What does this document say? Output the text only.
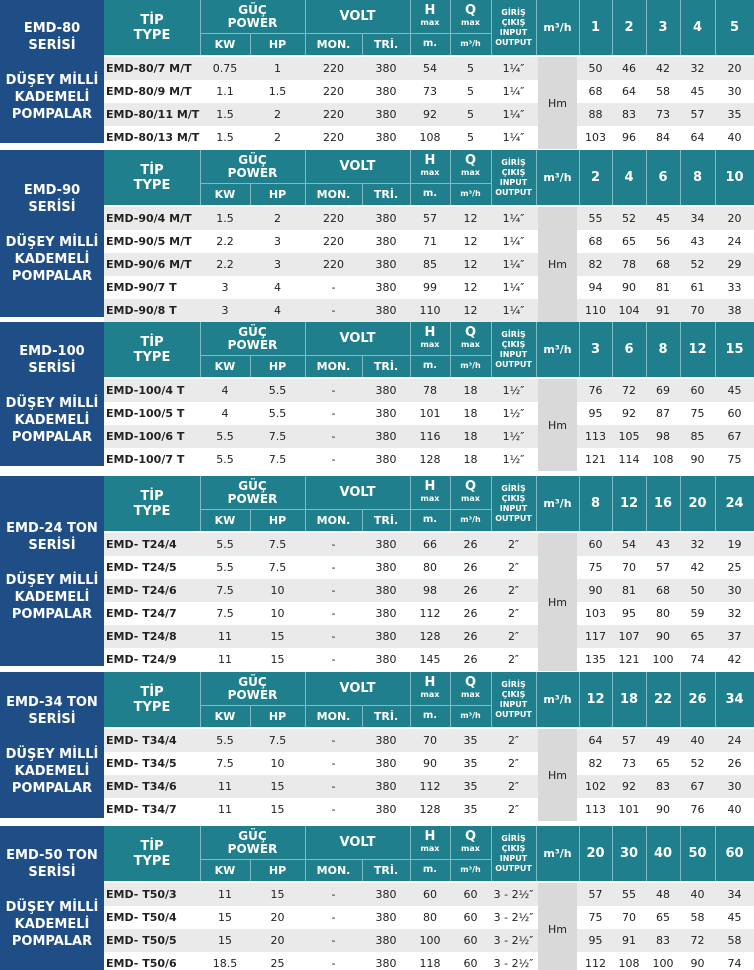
EMD-80
SERİSİ
DÜŞEY MİLLİ
KADEMELİ
POMPALAR
TİP
TYPE
GÜÇ
POWER
KW	HP
VOLT
MON.	TRİ.
H
max
m.
Q
max
m³/h
GİRİŞ
ÇIKIŞ
INPUT
OUTPUT
m³/h	1	2	3	4	5
EMD-80/7 M/T	0.75	1	220	380	54	5	1¼″	50	46	42	32	20
EMD-80/9 M/T	1.1	1.5	220	380	73	5	1¼″	68	64	58	45	30
EMD-80/11 M/T	1.5	2	220	380	92	5	1¼″	88	83	73	57	35
EMD-80/13 M/T	1.5	2	220	380	108	5	1¼″	103	96	84	64	40
Hm
EMD-90
SERİSİ
DÜŞEY MİLLİ
KADEMELİ
POMPALAR
TİP
TYPE
GÜÇ
POWER
KW	HP
VOLT
MON.	TRİ.
H
max
m.
Q
max
m³/h
GİRİŞ
ÇIKIŞ
INPUT
OUTPUT
m³/h	2	4	6	8	10
EMD-90/4 M/T	1.5	2	220	380	57	12	1¼″	55	52	45	34	20
EMD-90/5 M/T	2.2	3	220	380	71	12	1¼″	68	65	56	43	24
EMD-90/6 M/T	2.2	3	220	380	85	12	1¼″	82	78	68	52	29
EMD-90/7 T	3	4	-	380	99	12	1¼″	94	90	81	61	33
EMD-90/8 T	3	4	-	380	110	12	1¼″	110	104	91	70	38
Hm
EMD-100
SERİSİ
DÜŞEY MİLLİ
KADEMELİ
POMPALAR
TİP
TYPE
GÜÇ
POWER
KW	HP
VOLT
MON.	TRİ.
H
max
m.
Q
max
m³/h
GİRİŞ
ÇIKIŞ
INPUT
OUTPUT
m³/h	3	6	8	12	15
EMD-100/4 T	4	5.5	-	380	78	18	1½″	76	72	69	60	45
EMD-100/5 T	4	5.5	-	380	101	18	1½″	95	92	87	75	60
EMD-100/6 T	5.5	7.5	-	380	116	18	1½″	113	105	98	85	67
EMD-100/7 T	5.5	7.5	-	380	128	18	1½″	121	114	108	90	75
Hm
EMD-24 TON
SERİSİ
DÜŞEY MİLLİ
KADEMELİ
POMPALAR
TİP
TYPE
GÜÇ
POWER
KW	HP
VOLT
MON.	TRİ.
H
max
m.
Q
max
m³/h
GİRİŞ
ÇIKIŞ
INPUT
OUTPUT
m³/h	8	12	16	20	24
EMD- T24/4	5.5	7.5	-	380	66	26	2″	60	54	43	32	19
EMD- T24/5	5.5	7.5	-	380	80	26	2″	75	70	57	42	25
EMD- T24/6	7.5	10	-	380	98	26	2″	90	81	68	50	30
EMD- T24/7	7.5	10	-	380	112	26	2″	103	95	80	59	32
EMD- T24/8	11	15	-	380	128	26	2″	117	107	90	65	37
EMD- T24/9	11	15	-	380	145	26	2″	135	121	100	74	42
Hm
EMD-34 TON
SERİSİ
DÜŞEY MİLLİ
KADEMELİ
POMPALAR
TİP
TYPE
GÜÇ
POWER
KW	HP
VOLT
MON.	TRİ.
H
max
m.
Q
max
m³/h
GİRİŞ
ÇIKIŞ
INPUT
OUTPUT
m³/h	12	18	22	26	34
EMD- T34/4	5.5	7.5	-	380	70	35	2″	64	57	49	40	24
EMD- T34/5	7.5	10	-	380	90	35	2″	82	73	65	52	26
EMD- T34/6	11	15	-	380	112	35	2″	102	92	83	67	30
EMD- T34/7	11	15	-	380	128	35	2″	113	101	90	76	40
Hm
EMD-50 TON
SERİSİ
DÜŞEY MİLLİ
KADEMELİ
POMPALAR
TİP
TYPE
GÜÇ
POWER
KW	HP
VOLT
MON.	TRİ.
H
max
m.
Q
max
m³/h
GİRİŞ
ÇIKIŞ
INPUT
OUTPUT
m³/h	20	30	40	50	60
EMD- T50/3	11	15	-	380	60	60	3 - 2½″	57	55	48	40	34
EMD- T50/4	15	20	-	380	80	60	3 - 2½″	75	70	65	58	45
EMD- T50/5	15	20	-	380	100	60	3 - 2½″	95	91	83	72	58
EMD- T50/6	18.5	25	-	380	118	60	3 - 2½″	112	108	100	90	74
Hm
